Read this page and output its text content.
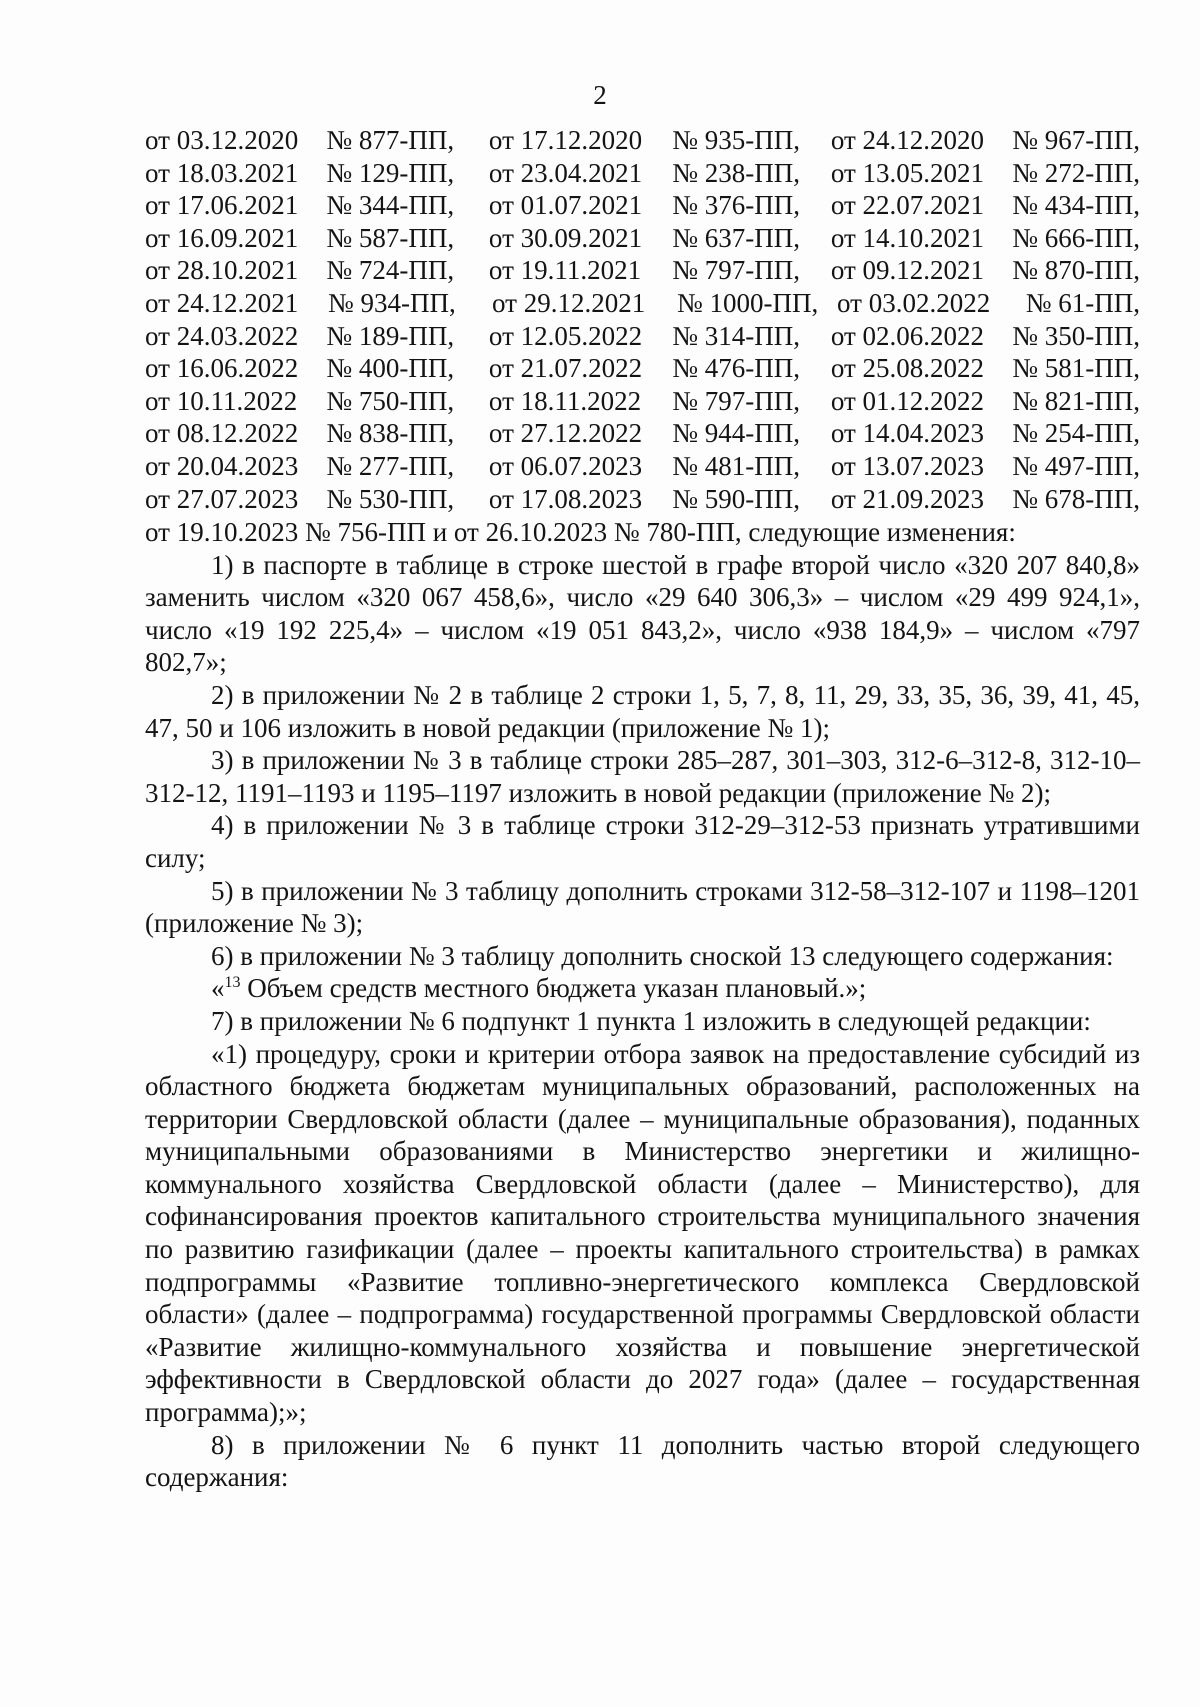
2
от 03.12.2020	№ 877-ПП,	от 17.12.2020	№ 935-ПП,	от 24.12.2020	№ 967-ПП,
от 18.03.2021	№ 129-ПП,	от 23.04.2021	№ 238-ПП,	от 13.05.2021	№ 272-ПП,
от 17.06.2021	№ 344-ПП,	от 01.07.2021	№ 376-ПП,	от 22.07.2021	№ 434-ПП,
от 16.09.2021	№ 587-ПП,	от 30.09.2021	№ 637-ПП,	от 14.10.2021	№ 666-ПП,
от 28.10.2021	№ 724-ПП,	от 19.11.2021	№ 797-ПП,	от 09.12.2021	№ 870-ПП,
от 24.12.2021	№ 934-ПП,	от 29.12.2021	№ 1000-ПП, от 03.02.2022	№ 61-ПП,
от 24.03.2022	№ 189-ПП,	от 12.05.2022	№ 314-ПП,	от 02.06.2022	№ 350-ПП,
от 16.06.2022	№ 400-ПП,	от 21.07.2022	№ 476-ПП,	от 25.08.2022	№ 581-ПП,
от 10.11.2022	№ 750-ПП,	от 18.11.2022	№ 797-ПП,	от 01.12.2022	№ 821-ПП,
от 08.12.2022	№ 838-ПП,	от 27.12.2022	№ 944-ПП,	от 14.04.2023	№ 254-ПП,
от 20.04.2023	№ 277-ПП,	от 06.07.2023	№ 481-ПП,	от 13.07.2023	№ 497-ПП,
от 27.07.2023	№ 530-ПП,	от 17.08.2023	№ 590-ПП,	от 21.09.2023	№ 678-ПП,

от 19.10.2023 № 756-ПП и от 26.10.2023 № 780-ПП, следующие изменения:

1) в паспорте в таблице в строке шестой в графе второй число «320 207 840,8» заменить числом «320 067 458,6», число «29 640 306,3» – числом «29 499 924,1», число «19 192 225,4» – числом «19 051 843,2», число «938 184,9» – числом «797 802,7»;

2) в приложении № 2 в таблице 2 строки 1, 5, 7, 8, 11, 29, 33, 35, 36, 39, 41, 45, 47, 50 и 106 изложить в новой редакции (приложение № 1);

3) в приложении № 3 в таблице строки 285–287, 301–303, 312-6–312-8, 312-10–312-12, 1191–1193 и 1195–1197 изложить в новой редакции (приложение № 2);

4) в приложении № 3 в таблице строки 312-29–312-53 признать утратившими силу;

5) в приложении № 3 таблицу дополнить строками 312-58–312-107 и 1198–1201 (приложение № 3);

6) в приложении № 3 таблицу дополнить сноской 13 следующего содержания:

«$^{13}$ Объем средств местного бюджета указан плановый.»;

7) в приложении № 6 подпункт 1 пункта 1 изложить в следующей редакции:

«1) процедуру, сроки и критерии отбора заявок на предоставление субсидий из областного бюджета бюджетам муниципальных образований, расположенных на территории Свердловской области (далее – муниципальные образования), поданных муниципальными образованиями в Министерство энергетики и жилищно-коммунального хозяйства Свердловской области (далее – Министерство), для софинансирования проектов капитального строительства муниципального значения по развитию газификации (далее – проекты капитального строительства) в рамках подпрограммы «Развитие топливно-энергетического комплекса Свердловской области» (далее – подпрограмма) государственной программы Свердловской области «Развитие жилищно-коммунального хозяйства и повышение энергетической эффективности в Свердловской области до 2027 года» (далее – государственная программа);»;

8) в приложении № 6 пункт 11 дополнить частью второй следующего содержания:
